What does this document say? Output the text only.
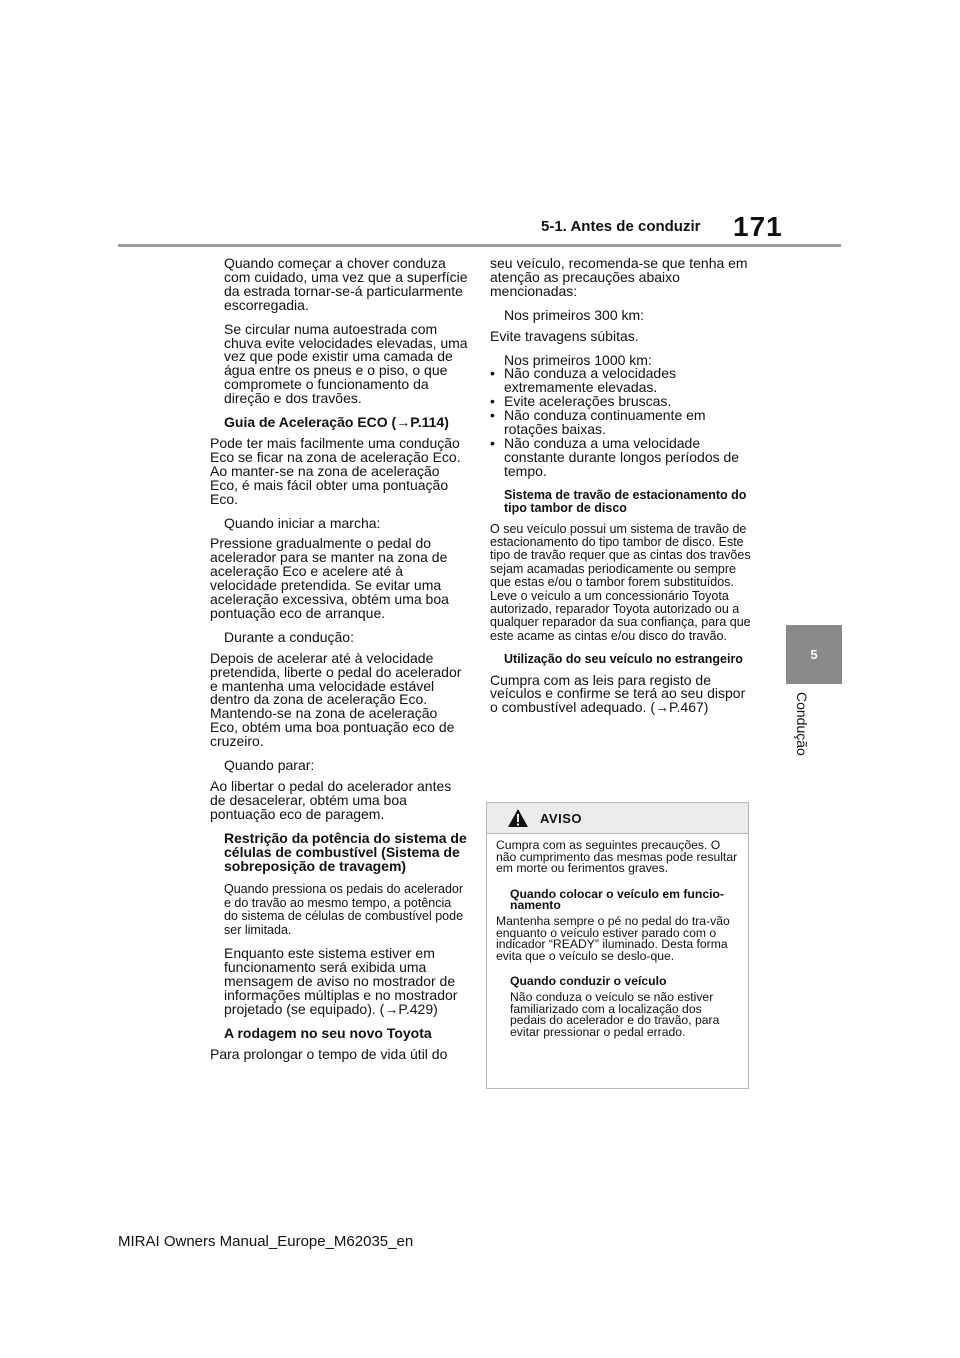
5-1. Antes de conduzir 171
5
Condução

Quando começar a chover conduza com cuidado, uma vez que a superfície da estrada tornar-se-á particularmente escorregadia.

Se circular numa autoestrada com chuva evite velocidades elevadas, uma vez que pode existir uma camada de água entre os pneus e o piso, o que compromete o funcionamento da direção e dos travões.

Guia de Aceleração ECO (→P.114)

Pode ter mais facilmente uma condução Eco se ficar na zona de aceleração Eco. Ao manter-se na zona de aceleração Eco, é mais fácil obter uma pontuação Eco.

Quando iniciar a marcha:

Pressione gradualmente o pedal do acelerador para se manter na zona de aceleração Eco e acelere até à velocidade pretendida. Se evitar uma aceleração excessiva, obtém uma boa pontuação eco de arranque.

Durante a condução:

Depois de acelerar até à velocidade pretendida, liberte o pedal do acelerador e mantenha uma velocidade estável dentro da zona de aceleração Eco. Mantendo-se na zona de aceleração Eco, obtém uma boa pontuação eco de cruzeiro.

Quando parar:

Ao libertar o pedal do acelerador antes de desacelerar, obtém uma boa pontuação eco de paragem.

Restrição da potência do sistema de células de combustível (Sistema de sobreposição de travagem)

Quando pressiona os pedais do acelerador e do travão ao mesmo tempo, a potência do sistema de células de combustível pode ser limitada.

Enquanto este sistema estiver em funcionamento será exibida uma mensagem de aviso no mostrador de informações múltiplas e no mostrador projetado (se equipado). (→P.429)

A rodagem no seu novo Toyota

Para prolongar o tempo de vida útil do

seu veículo, recomenda-se que tenha em atenção as precauções abaixo mencionadas:

Nos primeiros 300 km:

Evite travagens súbitas.

Nos primeiros 1000 km:

• Não conduza a velocidades extremamente elevadas.

• Evite acelerações bruscas.

• Não conduza continuamente em rotações baixas.

• Não conduza a uma velocidade constante durante longos períodos de tempo.

Sistema de travão de estacionamento do tipo tambor de disco

O seu veículo possui um sistema de travão de estacionamento do tipo tambor de disco. Este tipo de travão requer que as cintas dos travões sejam acamadas periodicamente ou sempre que estas e/ou o tambor forem substituídos. Leve o veículo a um concessionário Toyota autorizado, reparador Toyota autorizado ou a qualquer reparador da sua confiança, para que este acame as cintas e/ou disco do travão.

Utilização do seu veículo no estrangeiro

Cumpra com as leis para registo de veículos e confirme se terá ao seu dispor o combustível adequado. (→P.467)

AVISO

Cumpra com as seguintes precauções. O não cumprimento das mesmas pode resultar em morte ou ferimentos graves.

Quando colocar o veículo em funcio-namento

Mantenha sempre o pé no pedal do tra-vão enquanto o veículo estiver parado com o indicador “READY” iluminado. Desta forma evita que o veículo se deslo-que.

Quando conduzir o veículo

Não conduza o veículo se não estiver familiarizado com a localização dos pedais do acelerador e do travão, para evitar pressionar o pedal errado.

MIRAI Owners Manual_Europe_M62035_en
